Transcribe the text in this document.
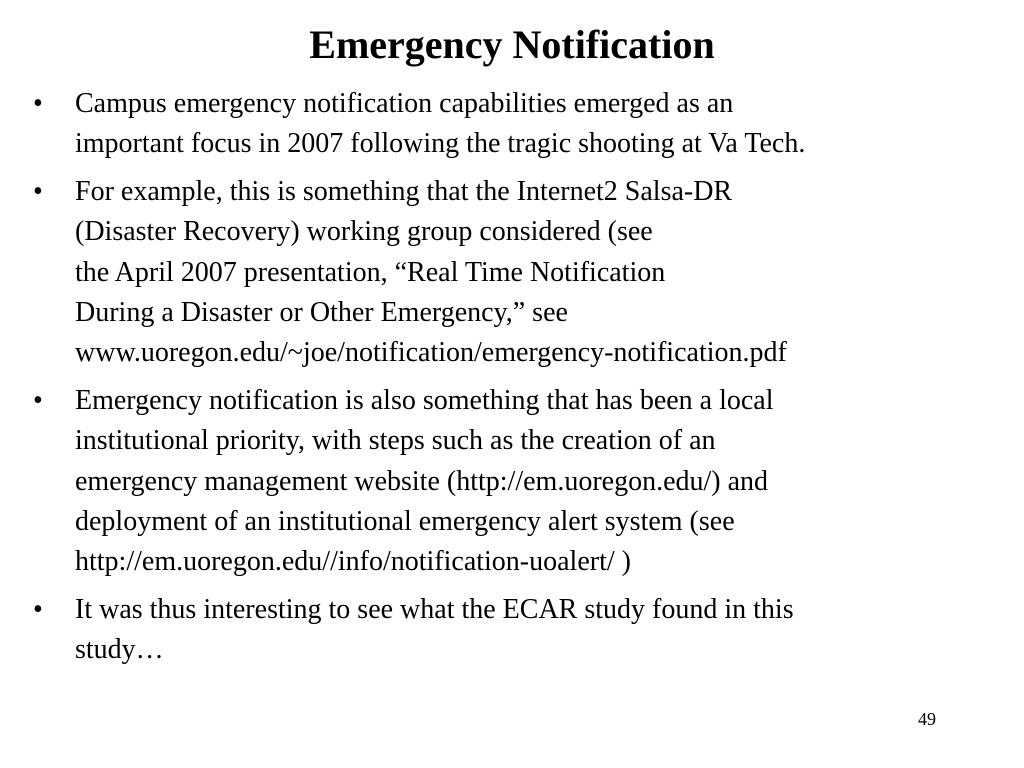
Emergency Notification
• Campus emergency notification capabilities emerged as an
important focus in 2007 following the tragic shooting at Va Tech.
• For example, this is something that the Internet2 Salsa-DR
(Disaster Recovery) working group considered (see
the April 2007 presentation, “Real Time Notification
During a Disaster or Other Emergency,” see
www.uoregon.edu/~joe/notification/emergency-notification.pdf
• Emergency notification is also something that has been a local
institutional priority, with steps such as the creation of an
emergency management website (http://em.uoregon.edu/) and
deployment of an institutional emergency alert system (see
http://em.uoregon.edu//info/notification-uoalert/ )
• It was thus interesting to see what the ECAR study found in this
study…
49
